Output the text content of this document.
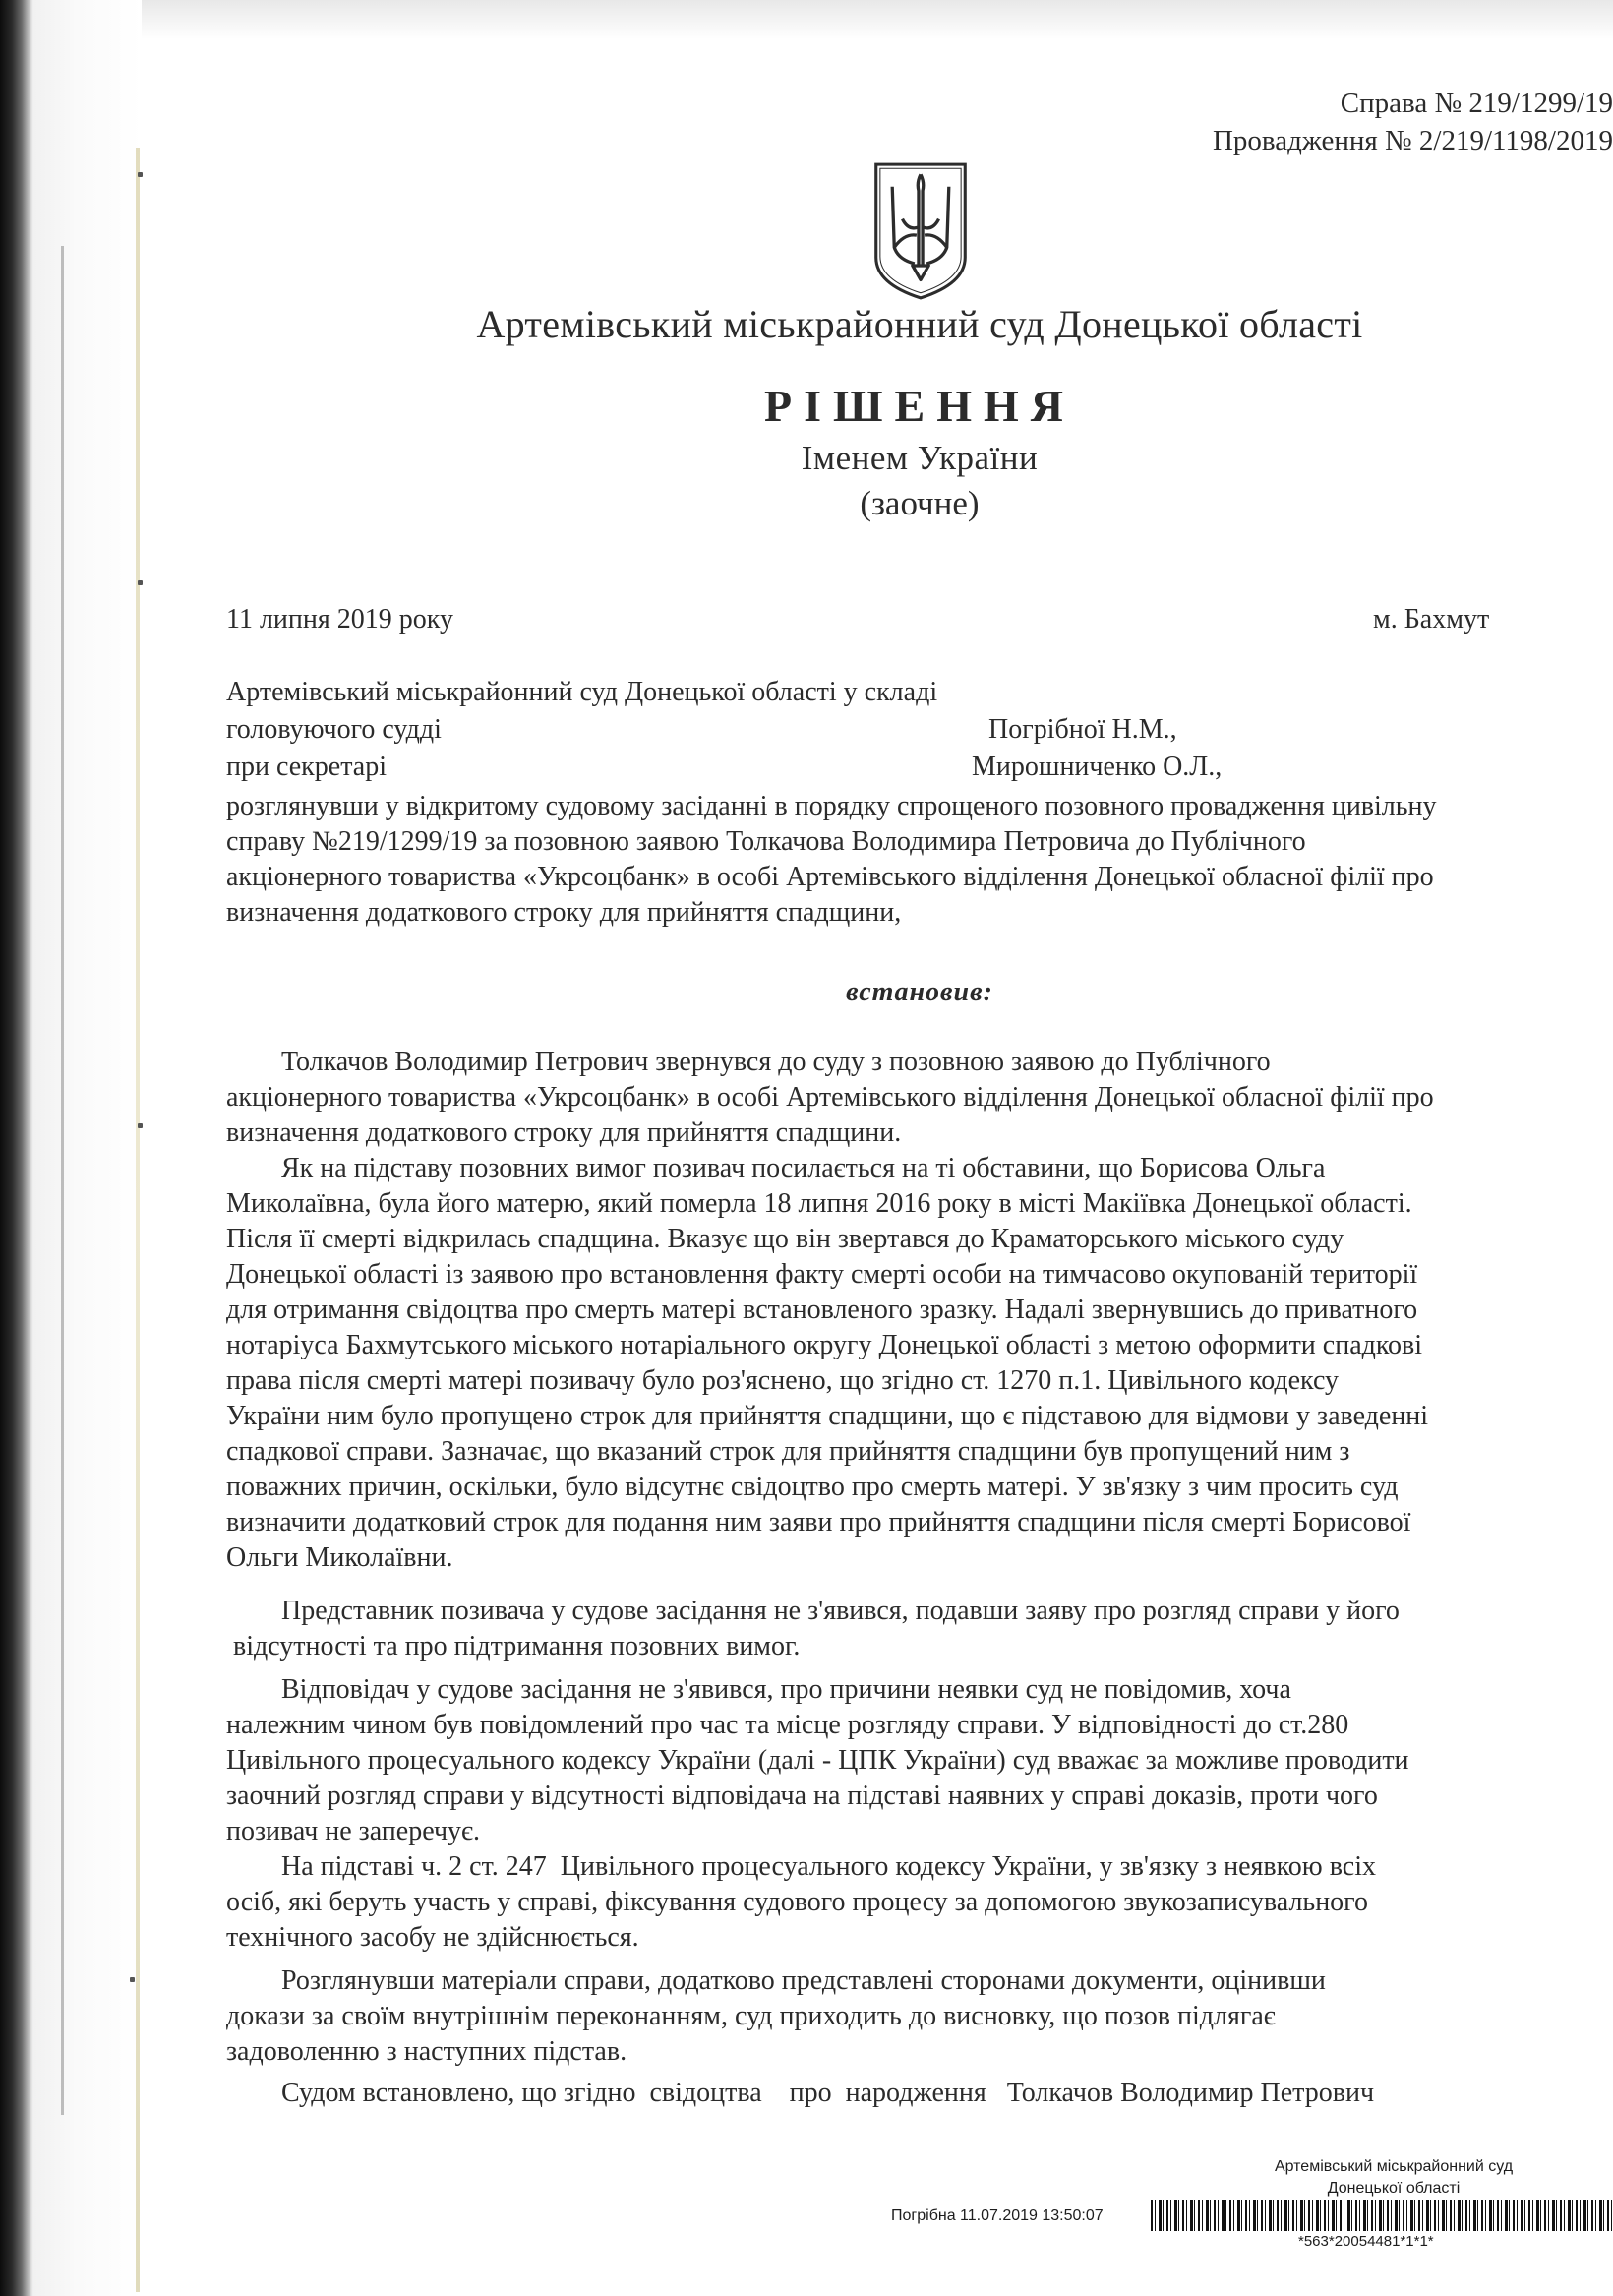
Справа № 219/1299/19
Провадження № 2/219/1198/2019
Артемівський міськрайонний суд Донецької області
РІШЕННЯ
Іменем України
(заочне)
11 липня 2019 року	м. Бахмут
Артемівський міськрайонний суд Донецької області у складі
головуючого судді	Погрібної Н.М.,
при секретарі	Мирошниченко О.Л.,
розглянувши у відкритому судовому засіданні в порядку спрощеного позовного провадження цивільну
справу №219/1299/19 за позовною заявою Толкачова Володимира Петровича до Публічного
акціонерного товариства «Укрсоцбанк» в особі Артемівського відділення Донецької обласної філії про
визначення додаткового строку для прийняття спадщини,
встановив:
Толкачов Володимир Петрович звернувся до суду з позовною заявою до Публічного
акціонерного товариства «Укрсоцбанк» в особі Артемівського відділення Донецької обласної філії про
визначення додаткового строку для прийняття спадщини.
Як на підставу позовних вимог позивач посилається на ті обставини, що Борисова Ольга
Миколаївна, була його матерю, який померла 18 липня 2016 року в місті Макіївка Донецької області.
Після її смерті відкрилась спадщина. Вказує що він звертався до Краматорського міського суду
Донецької області із заявою про встановлення факту смерті особи на тимчасово окупованій території
для отримання свідоцтва про смерть матері встановленого зразку. Надалі звернувшись до приватного
нотаріуса Бахмутського міського нотаріального округу Донецької області з метою оформити спадкові
права після смерті матері позивачу було роз'яснено, що згідно ст. 1270 п.1. Цивільного кодексу
України ним було пропущено строк для прийняття спадщини, що є підставою для відмови у заведенні
спадкової справи. Зазначає, що вказаний строк для прийняття спадщини був пропущений ним з
поважних причин, оскільки, було відсутнє свідоцтво про смерть матері. У зв'язку з чим просить суд
визначити додатковий строк для подання ним заяви про прийняття спадщини після смерті Борисової
Ольги Миколаївни.
Представник позивача у судове засідання не з'явився, подавши заяву про розгляд справи у його
відсутності та про підтримання позовних вимог.
Відповідач у судове засідання не з'явився, про причини неявки суд не повідомив, хоча
належним чином був повідомлений про час та місце розгляду справи. У відповідності до ст.280
Цивільного процесуального кодексу України (далі - ЦПК України) суд вважає за можливе проводити
заочний розгляд справи у відсутності відповідача на підставі наявних у справі доказів, проти чого
позивач не заперечує.
На підставі ч. 2 ст. 247  Цивільного процесуального кодексу України, у зв'язку з неявкою всіх
осіб, які беруть участь у справі, фіксування судового процесу за допомогою звукозаписувального
технічного засобу не здійснюється.
Розглянувши матеріали справи, додатково представлені сторонами документи, оцінивши
докази за своїм внутрішнім переконанням, суд приходить до висновку, що позов підлягає
задоволенню з наступних підстав.
Судом встановлено, що згідно  свідоцтва    про  народження   Толкачов Володимир Петрович
Артемівський міськрайонний суд
Донецької області
Погрібна 11.07.2019 13:50:07
*563*20054481*1*1*
